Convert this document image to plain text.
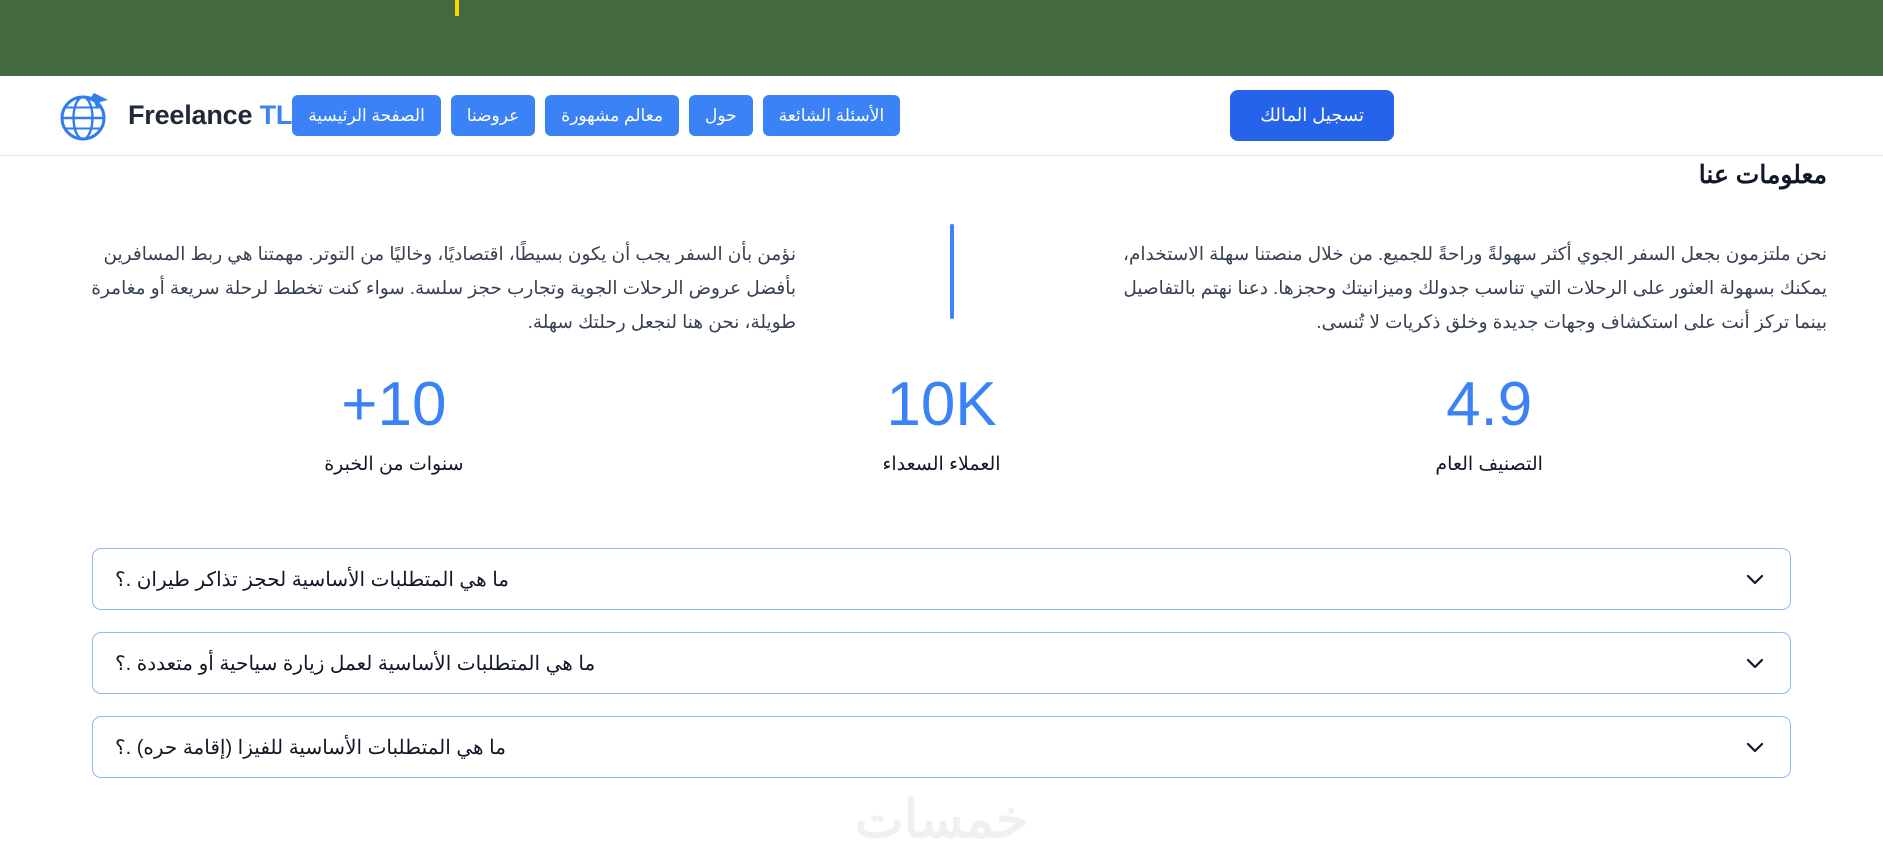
Freelance TL الصفحة الرئيسية	عروضنا	معالم مشهورة	حول	الأسئلة الشائعة	تسجيل المالك
معلومات عنا

نحن ملتزمون بجعل السفر الجوي أكثر سهولةً وراحةً للجميع. من خلال منصتنا سهلة الاستخدام، يمكنك بسهولة العثور على الرحلات التي تناسب جدولك وميزانيتك وحجزها. دعنا نهتم بالتفاصيل بينما تركز أنت على استكشاف وجهات جديدة وخلق ذكريات لا تُنسى.

نؤمن بأن السفر يجب أن يكون بسيطًا، اقتصاديًا، وخاليًا من التوتر. مهمتنا هي ربط المسافرين بأفضل عروض الرحلات الجوية وتجارب حجز سلسة. سواء كنت تخطط لرحلة سريعة أو مغامرة طويلة، نحن هنا لنجعل رحلتك سهلة.

10+
سنوات من الخبرة
10K
العملاء السعداء
4.9
التصنيف العام
ما هي المتطلبات الأساسية لحجز تذاكر طيران .؟
ما هي المتطلبات الأساسية لعمل زيارة سياحية أو متعددة .؟
ما هي المتطلبات الأساسية للفيزا (إقامة حره) .؟
خمسات
